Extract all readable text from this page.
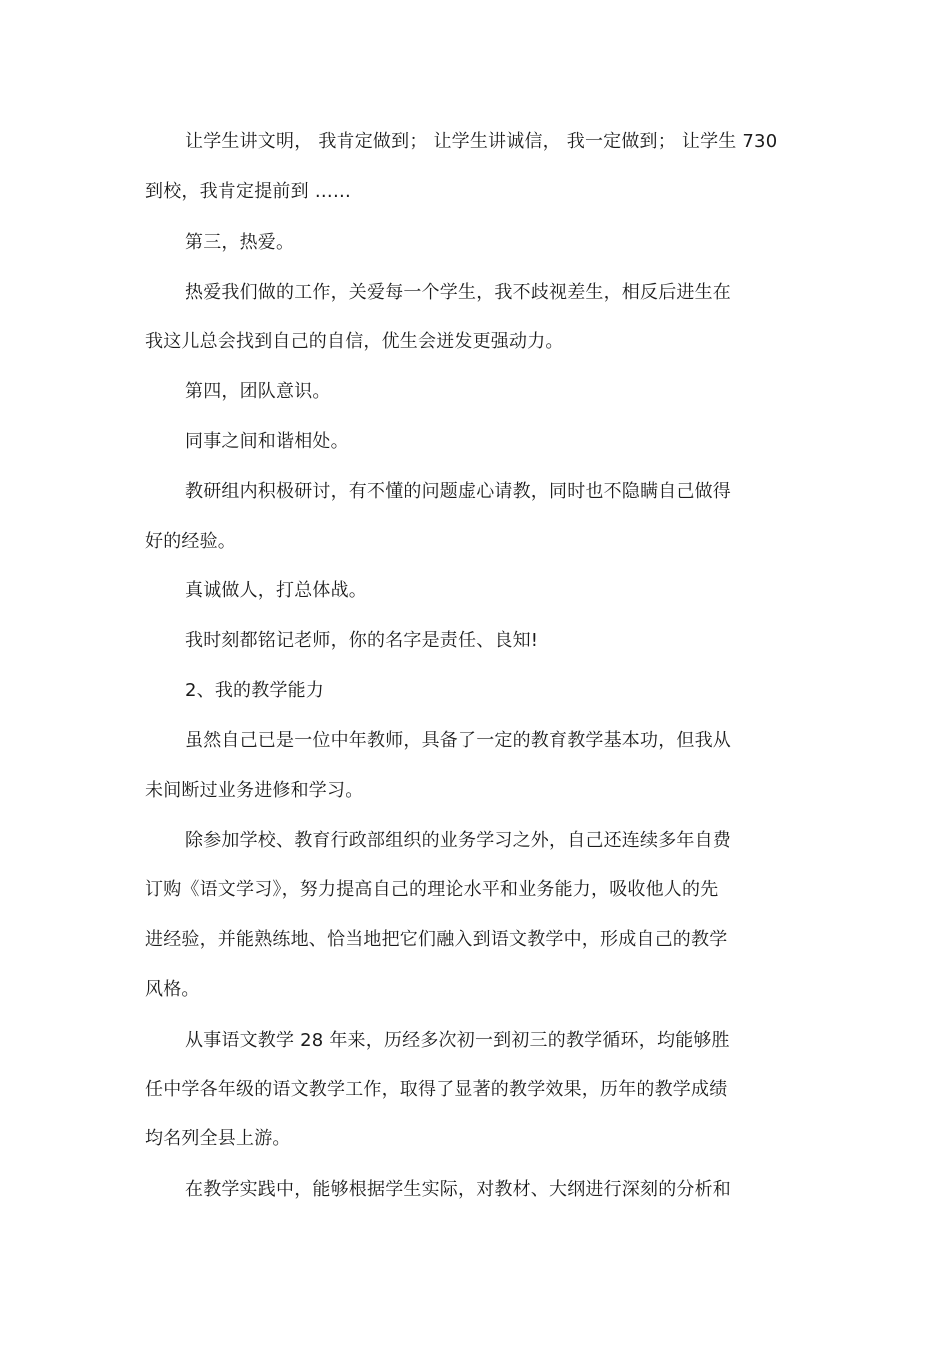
让学生讲文明， 我肯定做到； 让学生讲诚信， 我一定做到； 让学生 730
到校，我肯定提前到 ……
第三，热爱。
热爱我们做的工作，关爱每一个学生，我不歧视差生，相反后进生在
我这儿总会找到自己的自信，优生会迸发更强动力。
第四，团队意识。
同事之间和谐相处。
教研组内积极研讨，有不懂的问题虚心请教，同时也不隐瞒自己做得
好的经验。
真诚做人，打总体战。
我时刻都铭记老师，你的名字是责任、良知!
2、我的教学能力
虽然自己已是一位中年教师，具备了一定的教育教学基本功，但我从
未间断过业务进修和学习。
除参加学校、教育行政部组织的业务学习之外，自己还连续多年自费
订购《语文学习》，努力提高自己的理论水平和业务能力，吸收他人的先
进经验，并能熟练地、恰当地把它们融入到语文教学中，形成自己的教学
风格。
从事语文教学 28 年来，历经多次初一到初三的教学循环，均能够胜
任中学各年级的语文教学工作，取得了显著的教学效果，历年的教学成绩
均名列全县上游。
在教学实践中，能够根据学生实际，对教材、大纲进行深刻的分析和
